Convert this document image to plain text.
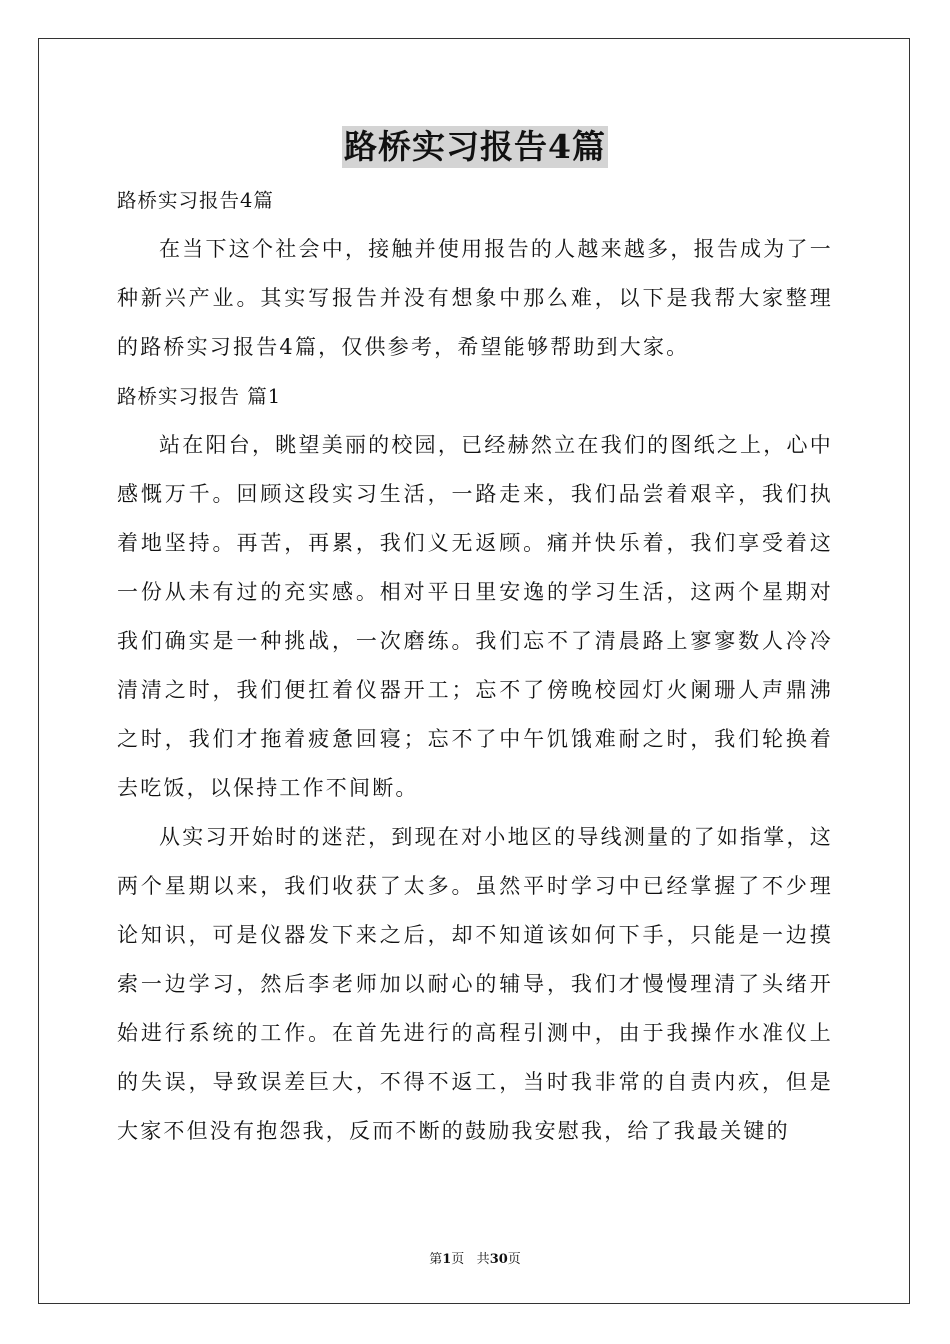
路桥实习报告4篇
路桥实习报告4篇

在当下这个社会中，接触并使用报告的人越来越多，报告成为了一种新兴产业。其实写报告并没有想象中那么难，以下是我帮大家整理的路桥实习报告4篇，仅供参考，希望能够帮助到大家。

路桥实习报告 篇1

站在阳台，眺望美丽的校园，已经赫然立在我们的图纸之上，心中感慨万千。回顾这段实习生活，一路走来，我们品尝着艰辛，我们执着地坚持。再苦，再累，我们义无返顾。痛并快乐着，我们享受着这一份从未有过的充实感。相对平日里安逸的学习生活，这两个星期对我们确实是一种挑战，一次磨练。我们忘不了清晨路上寥寥数人冷冷清清之时，我们便扛着仪器开工；忘不了傍晚校园灯火阑珊人声鼎沸之时，我们才拖着疲惫回寝；忘不了中午饥饿难耐之时，我们轮换着去吃饭，以保持工作不间断。

从实习开始时的迷茫，到现在对小地区的导线测量的了如指掌，这两个星期以来，我们收获了太多。虽然平时学习中已经掌握了不少理论知识，可是仪器发下来之后，却不知道该如何下手，只能是一边摸索一边学习，然后李老师加以耐心的辅导，我们才慢慢理清了头绪开始进行系统的工作。在首先进行的高程引测中，由于我操作水准仪上的失误，导致误差巨大，不得不返工，当时我非常的自责内疚，但是大家不但没有抱怨我，反而不断的鼓励我安慰我，给了我最关键的

第1页 共30页
